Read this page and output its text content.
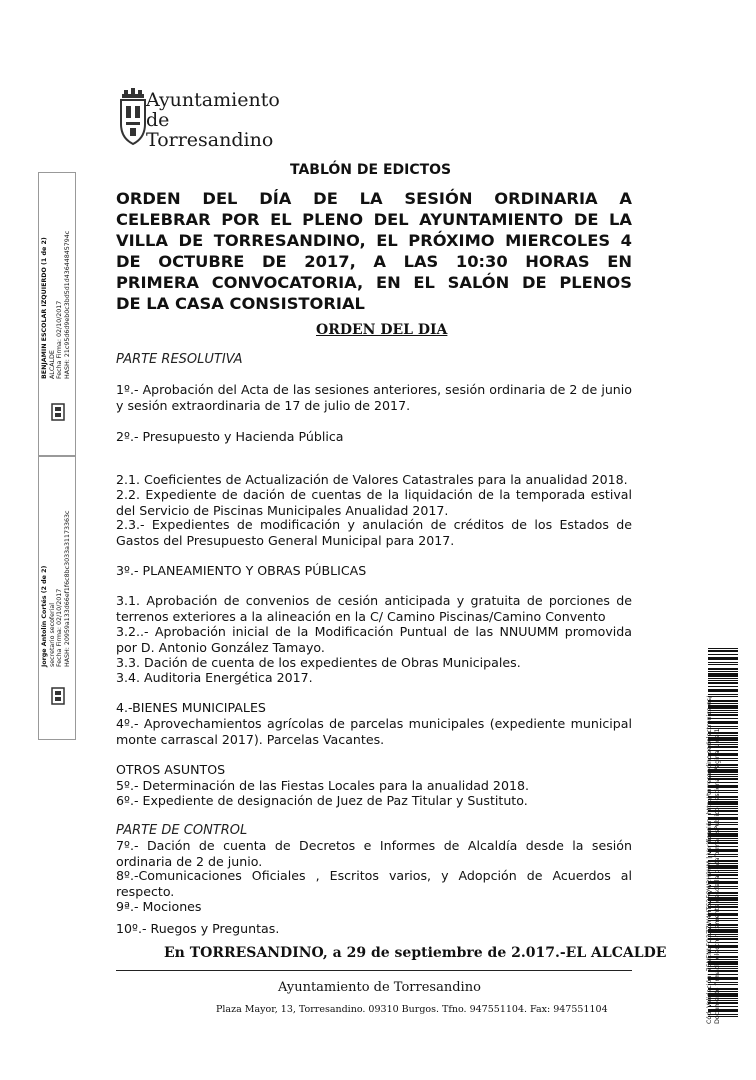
Ayuntamiento
de
Torresandino
TABLÓN DE EDICTOS
ORDEN DEL DÍA DE LA SESIÓN ORDINARIA A
CELEBRAR POR EL PLENO DEL AYUNTAMIENTO DE LA
VILLA DE TORRESANDINO, EL PRÓXIMO MIERCOLES 4
DE OCTUBRE DE 2017, A LAS 10:30 HORAS EN
PRIMERA CONVOCATORIA, EN EL SALÓN DE PLENOS
DE LA CASA CONSISTORIAL
ORDEN DEL DIA
PARTE RESOLUTIVA
1º.- Aprobación del Acta de las sesiones anteriores, sesión ordinaria de 2 de junio y sesión extraordinaria de 17 de julio de 2017.
2º.- Presupuesto y Hacienda Pública
2.1. Coeficientes de Actualización de Valores Catastrales para la anualidad 2018.
2.2. Expediente de dación de cuentas de la liquidación de la temporada estival del Servicio de Piscinas Municipales Anualidad 2017.
2.3.- Expedientes de modificación y anulación de créditos de los Estados de Gastos del Presupuesto General Municipal para 2017.
3º.- PLANEAMIENTO Y OBRAS PÚBLICAS
3.1. Aprobación de convenios de cesión anticipada y gratuita de porciones de terrenos exteriores a la alineación en la C/ Camino Piscinas/Camino Convento
3.2..- Aprobación inicial de la Modificación Puntual de las NNUUMM promovida por D. Antonio González Tamayo.
3.3. Dación de cuenta de los expedientes de Obras Municipales.
3.4. Auditoria Energética 2017.
4.-BIENES MUNICIPALES
4º.- Aprovechamientos agrícolas de parcelas municipales (expediente municipal monte carrascal 2017). Parcelas Vacantes.
OTROS ASUNTOS
5º.- Determinación de las Fiestas Locales para la anualidad 2018.
6º.- Expediente de designación de Juez de Paz Titular y Sustituto.
PARTE DE CONTROL
7º.- Dación de cuenta de Decretos e Informes de Alcaldía desde la sesión ordinaria de 2 de junio.
8º.-Comunicaciones Oficiales , Escritos varios, y Adopción de Acuerdos al respecto.
9ª.- Mociones
10º.- Ruegos y Preguntas.
En TORRESANDINO, a 29 de septiembre de 2.017.-EL ALCALDE
Ayuntamiento de Torresandino
Plaza Mayor, 13, Torresandino. 09310 Burgos. Tfno. 947551104. Fax: 947551104
BENJAMIN ESCOLAR IZQUIERDO (1 de 2) ALCALDE Fecha Firma: 02/10/2017 HASH: 21c95d6d9eb0c3bd5d1d43644845794c
Jorge Antolín Cortés (2 de 2) secretario secoferial Fecha Firma: 02/10/2017 HASH: 20959a133d66ef1f6c8bc3033a31173363c
Cód. Validación: 7SNENLFQ2ZZW4HTS2FQW2H9HM | Verificación: http://torresandino.sedelectronica.es/ Documento firmado electrónicamente desde la plataforma esPublico Gestiona | Página 1 de 1
